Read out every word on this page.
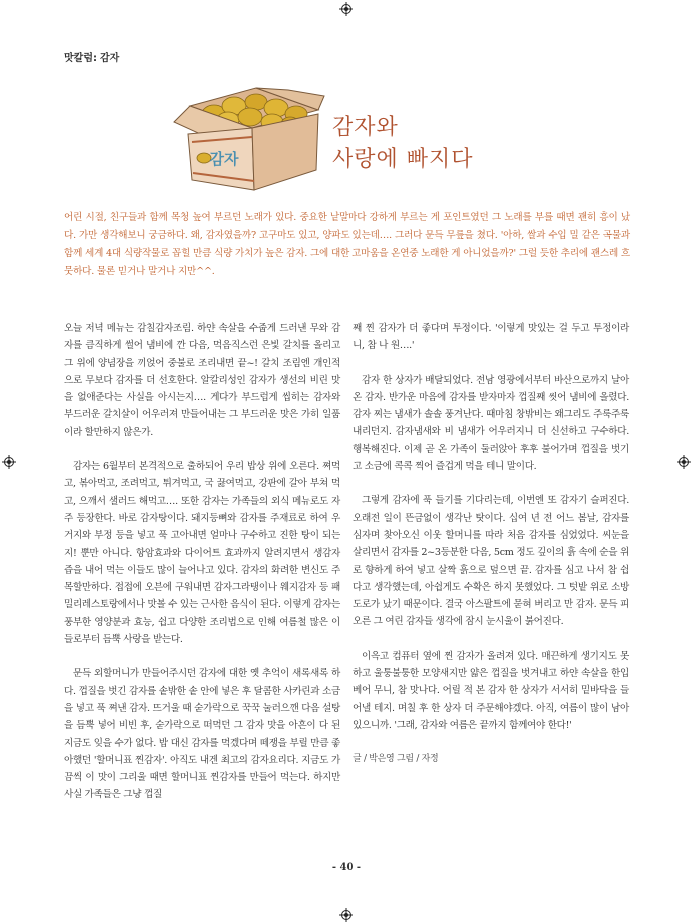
맛칼럼: 감자
감자
감자와
사랑에 빠지다
어린 시절, 친구들과 함께 목청 높여 부르던 노래가 있다. 중요한 낱말마다 강하게 부르는 게 포인트였던 그 노래를 부를 때면 괜히 흥이 났다. 가만 생각해보니 궁금하다. 왜, 감자였을까? 고구마도 있고, 양파도 있는데…. 그러다 문득 무릎을 쳤다. '아하, 쌀과 수입 밀 같은 곡물과 함께 세계 4대 식량작물로 꼽힐 만큼 식량 가치가 높은 감자. 그에 대한 고마움을 온연중 노래한 게 아니었을까?' 그럴 듯한 추리에 괜스레 흐뭇하다. 물론 믿거나 말거나 지만^^.

오늘 저녁 메뉴는 감칠감자조림. 하얀 속살을 수줍게 드러낸 무와 감자를 큼직하게 썰어 냄비에 깐 다음, 먹음직스런 은빛 갈치를 올리고 그 위에 양념장을 끼얹어 중불로 조리내면 끝~! 갈치 조림엔 개인적으로 무보다 감자를 더 선호한다. 알칼리성인 감자가 생선의 비린 맛을 없애준다는 사실을 아시는지…. 게다가 부드럽게 씹히는 감자와 부드러운 갈치살이 어우러져 만들어내는 그 부드러운 맛은 가히 일품이라 할만하지 않은가.

감자는 6월부터 본격적으로 출하되어 우리 밥상 위에 오른다. 쪄먹고, 볶아먹고, 조려먹고, 튀겨먹고, 국 끓여먹고, 강판에 갈아 부쳐 먹고, 으깨서 샐러드 해먹고…. 또한 감자는 가족들의 외식 메뉴로도 자주 등장한다. 바로 감자탕이다. 돼지등뼈와 감자를 주재료로 하여 우거지와 부정 등을 넣고 푹 고아내면 얼마나 구수하고 진한 탕이 되는지! 뿐만 아니다. 항암효과와 다이어트 효과까지 알려지면서 생감자즙을 내어 먹는 이들도 많이 늘어나고 있다. 감자의 화려한 변신도 주목할만하다. 접접에 오븐에 구워내면 감자그라탱이나 웨지감자 등 패밀리레스토랑에서나 맛볼 수 있는 근사한 음식이 된다. 이렇게 감자는 풍부한 영양분과 효능, 쉽고 다양한 조리법으로 인해 여름철 많은 이들로부터 듬뿍 사랑을 받는다.

문득 외할머니가 만들어주시던 감자에 대한 옛 추억이 새록새록 하다. 껍질을 벗긴 감자를 솥밖한 솥 안에 넣은 후 달콤한 사카린과 소금을 넣고 푹 쪄낸 감자. 뜨거울 때 숟가락으로 꾹꾹 눌러으깬 다음 설탕을 듬뿍 넣어 비빈 후, 숟가락으로 떠먹던 그 감자 맛을 아흔이 다 된 지금도 잊을 수가 없다. 밥 대신 감자를 먹겠다며 떼쟁을 부릴 만큼 좋아했던 '할머니표 찐감자'. 아직도 내겐 최고의 감자요리다. 지금도 가끔씩 이 맛이 그리울 때면 할머니표 찐감자를 만들어 먹는다. 하지만 사실 가족들은 그냥 껍질

째 찐 감자가 더 좋다며 투정이다. '이렇게 맛있는 걸 두고 투정이라니, 참 나 원….'

감자 한 상자가 배달되었다. 전남 영광에서부터 바산으로까지 날아온 감자. 반가운 마음에 감자를 받자마자 껍질째 씻어 냄비에 올렸다. 감자 찌는 냄새가 솔솔 풍겨난다. 때마침 창밖비는 왜그리도 주룩주룩 내리던지. 감자냄새와 비 냄새가 어우러지니 더 신선하고 구수하다. 행복해진다. 이제 곧 온 가족이 둘러앉아 후후 불어가며 껍질을 벗기고 소금에 콕콕 찍어 즐겁게 먹을 테니 말이다.

그렇게 감자에 푹 들기를 기다리는데, 이번엔 또 감자기 슬퍼진다. 오래전 일이 뜬금없이 생각난 탓이다. 십여 년 전 어느 봄날, 감자를 심자며 찾아오신 이웃 할머니를 따라 처음 감자를 심었었다. 씨눈을 살리면서 감자를 2~3등분한 다음, 5cm 정도 깊이의 흙 속에 순을 위로 향하게 하여 넣고 살짝 흙으로 덮으면 끝. 감자를 심고 나서 참 쉽다고 생각했는데, 아쉽게도 수확은 하지 못했었다. 그 텃밭 위로 소방도로가 났기 때문이다. 결국 아스팔트에 묻혀 버리고 만 감자. 문득 피오른 그 여린 감자들 생각에 잠시 눈시울이 붉어진다.

이윽고 컴퓨터 옆에 찐 감자가 올려져 있다. 매끈하게 생기지도 못하고 울퉁불퉁한 모양새지만 얇은 껍질을 벗겨내고 하얀 속살을 한입 베어 무니, 참 맛나다. 어릴 적 본 감자 한 상자가 서서히 밑바닥을 들어낼 테지. 며칠 후 한 상자 더 주문해야겠다. 아직, 여름이 많이 남아 있으니까. '그래, 감자와 여름은 끝까지 함께여야 한다!'

글 / 박은영 그림 / 자정

- 40 -
